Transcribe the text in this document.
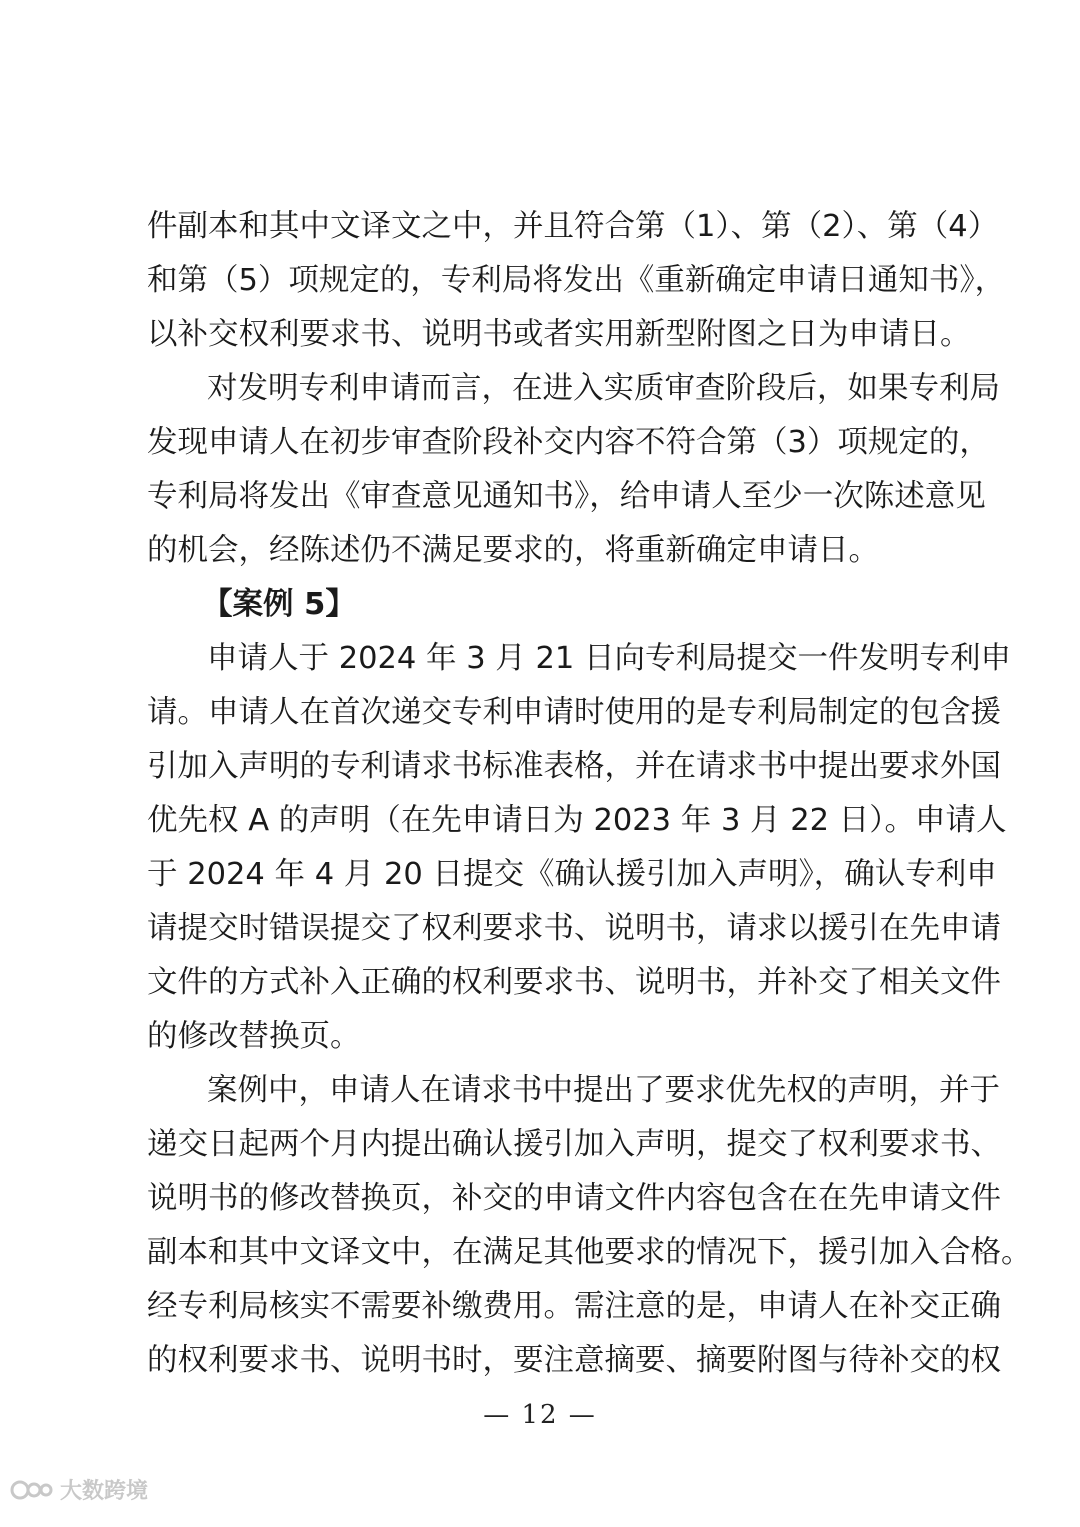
件副本和其中文译文之中，并且符合第（1）、第（2）、第（4）
和第（5）项规定的，专利局将发出《重新确定申请日通知书》，
以补交权利要求书、说明书或者实用新型附图之日为申请日。
对发明专利申请而言，在进入实质审查阶段后，如果专利局
发现申请人在初步审查阶段补交内容不符合第（3）项规定的，
专利局将发出《审查意见通知书》，给申请人至少一次陈述意见
的机会，经陈述仍不满足要求的，将重新确定申请日。
【案例 5】
申请人于 2024 年 3 月 21 日向专利局提交一件发明专利申
请。申请人在首次递交专利申请时使用的是专利局制定的包含援
引加入声明的专利请求书标准表格，并在请求书中提出要求外国
优先权 A 的声明（在先申请日为 2023 年 3 月 22 日）。申请人
于 2024 年 4 月 20 日提交《确认援引加入声明》，确认专利申
请提交时错误提交了权利要求书、说明书，请求以援引在先申请
文件的方式补入正确的权利要求书、说明书，并补交了相关文件
的修改替换页。
案例中，申请人在请求书中提出了要求优先权的声明，并于
递交日起两个月内提出确认援引加入声明，提交了权利要求书、
说明书的修改替换页，补交的申请文件内容包含在在先申请文件
副本和其中文译文中，在满足其他要求的情况下，援引加入合格。
经专利局核实不需要补缴费用。需注意的是，申请人在补交正确
的权利要求书、说明书时，要注意摘要、摘要附图与待补交的权
— 12 —
大数跨境
